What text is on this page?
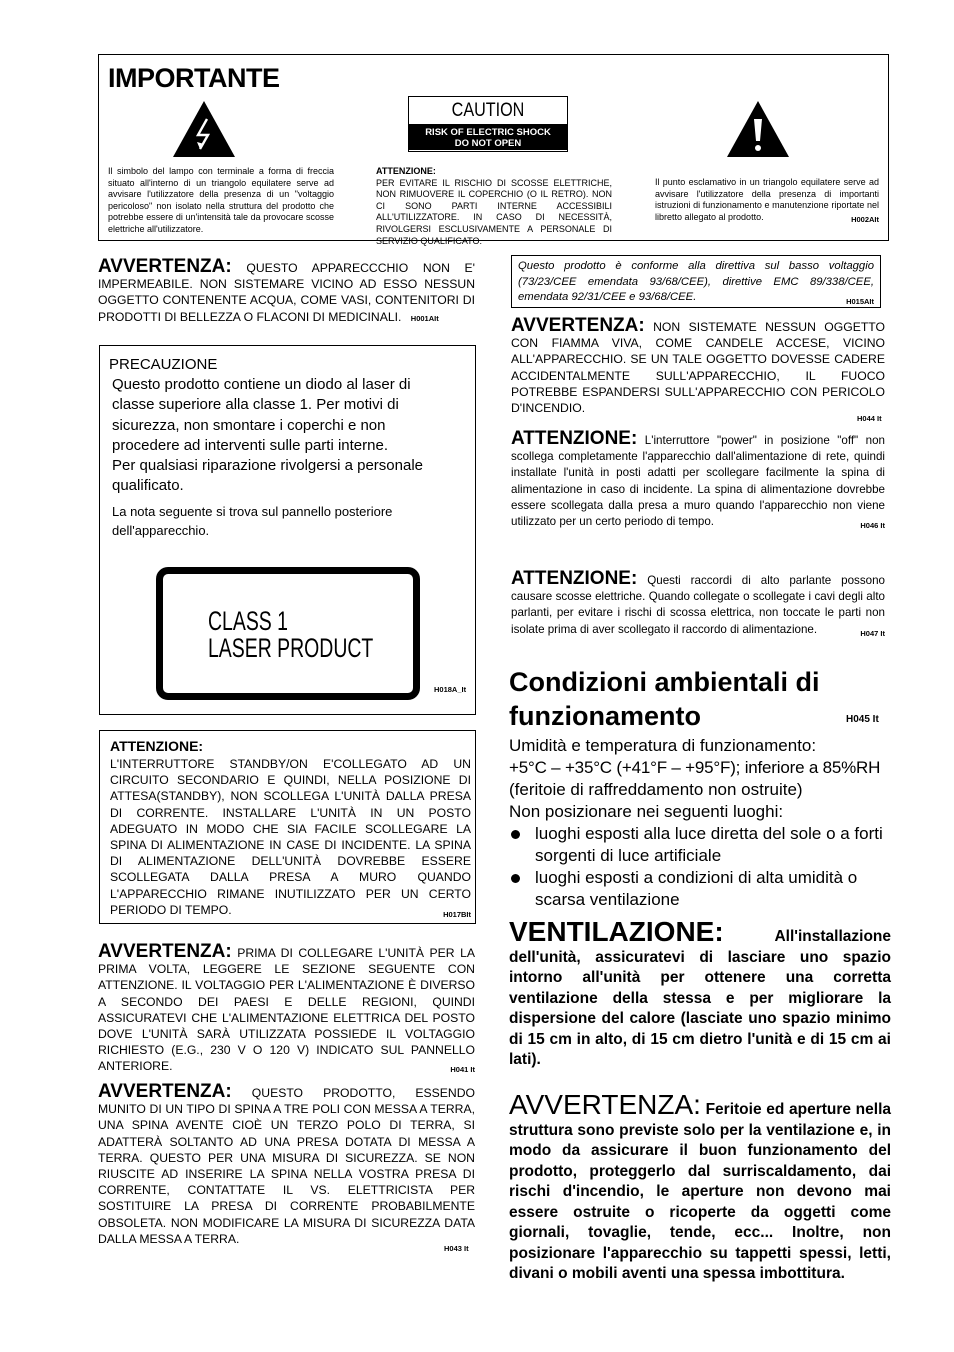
IMPORTANTE
CAUTION
RISK OF ELECTRIC SHOCK
DO NOT OPEN
Il simbolo del lampo con terminale a forma di freccia situato all'interno di un triangolo equilatere serve ad avvisare l'utilizzatore della presenza di un "voltaggio pericoloso" non isolato nella struttura del prodotto che potrebbe essere di un'intensità tale da provocare scosse elettriche all'utilizzatore.
ATTENZIONE:
PER EVITARE IL RISCHIO DI SCOSSE ELETTRICHE, NON RIMUOVERE IL COPERCHIO (O IL RETRO). NON CI SONO PARTI INTERNE ACCESSIBILI ALL'UTILIZZATORE. IN CASO DI NECESSITÀ, RIVOLGERSI ESCLUSIVAMENTE A PERSONALE DI SERVIZIO QUALIFICATO.
Il punto esclamativo in un triangolo equilatere serve ad avvisare l'utilizzatore della presenza di importanti istruzioni di funzionamento e manutenzione riportate nel libretto allegato al prodotto.	H002AIt
AVVERTENZA: QUESTO APPARECCCHIO NON E' IMPERMEABILE. NON SISTEMARE VICINO AD ESSO NESSUN OGGETTO CONTENENTE ACQUA, COME VASI, CONTENITORI DI PRODOTTI DI BELLEZZA O FLACONI DI MEDICINALI. H001AIt
PRECAUZIONE
Questo prodotto contiene un diodo al laser di classe superiore alla classe 1. Per motivi di sicurezza, non smontare i coperchi e non procedere ad interventi sulle parti interne.
Per qualsiasi riparazione rivolgersi a personale qualificato.
La nota seguente si trova sul pannello posteriore dell'apparecchio.
CLASS 1
LASER PRODUCT
H018A_It
ATTENZIONE:
L'INTERRUTTORE STANDBY/ON E'COLLEGATO AD UN CIRCUITO SECONDARIO E QUINDI, NELLA POSIZIONE DI ATTESA(STANDBY), NON SCOLLEGA L'UNITÀ DALLA PRESA DI CORRENTE. INSTALLARE L'UNITÀ IN UN POSTO ADEGUATO IN MODO CHE SIA FACILE SCOLLEGARE LA SPINA DI ALIMENTAZIONE IN CASE DI INCIDENTE. LA SPINA DI ALIMENTAZIONE DELL'UNITÀ DOVREBBE ESSERE SCOLLEGATA DALLA PRESA A MURO QUANDO L'APPARECCHIO RIMANE INUTILIZZATO PER UN CERTO PERIODO DI TEMPO.	H017BIt
AVVERTENZA: PRIMA DI COLLEGARE L'UNITÀ PER LA PRIMA VOLTA, LEGGERE LE SEZIONE SEGUENTE CON ATTENZIONE. IL VOLTAGGIO PER L'ALIMENTAZIONE È DIVERSO A SECONDO DEI PAESI E DELLE REGIONI, QUINDI ASSICURATEVI CHE L'ALIMENTAZIONE ELETTRICA DEL POSTO DOVE L'UNITÀ SARÀ UTILIZZATA POSSIEDE IL VOLTAGGIO RICHIESTO (E.G., 230 V O 120 V) INDICATO SUL PANNELLO ANTERIORE.	H041 It
AVVERTENZA: QUESTO PRODOTTO, ESSENDO MUNITO DI UN TIPO DI SPINA A TRE POLI CON MESSA A TERRA, UNA SPINA AVENTE CIOÈ UN TERZO POLO DI TERRA, SI ADATTERÀ SOLTANTO AD UNA PRESA DOTATA DI MESSA A TERRA. QUESTO PER UNA MISURA DI SICUREZZA. SE NON RIUSCITE AD INSERIRE LA SPINA NELLA VOSTRA PRESA DI CORRENTE, CONTATTATE IL VS. ELETTRICISTA PER SOSTITUIRE LA PRESA DI CORRENTE PROBABILMENTE OBSOLETA. NON MODIFICARE LA MISURA DI SICUREZZA DATA DALLA MESSA A TERRA.
H043 It
Questo prodotto è conforme alla direttiva sul basso voltaggio (73/23/CEE emendata 93/68/CEE), direttive EMC 89/338/CEE, emendata 92/31/CEE e 93/68/CEE.	H015AIt
AVVERTENZA: NON SISTEMATE NESSUN OGGETTO CON FIAMMA VIVA, COME CANDELE ACCESE, VICINO ALL'APPARECCHIO. SE UN TALE OGGETTO DOVESSE CADERE ACCIDENTALMENTE SULL'APPARECCHIO, IL FUOCO POTREBBE ESPANDERSI SULL'APPARECCHIO CON PERICOLO D'INCENDIO.
H044 It
ATTENZIONE: L'interruttore "power" in posizione "off" non scollega completamente l'apparecchio dall'alimentazione di rete, quindi installate l'unità in posti adatti per scollegare facilmente la spina di alimentazione in caso di incidente. La spina di alimentazione dovrebbe essere scollegata dalla presa a muro quando l'apparecchio non viene utilizzato per un certo periodo di tempo.	H046 It
ATTENZIONE: Questi raccordi di alto parlante possono causare scosse elettriche. Quando collegate o scollegate i cavi degli alto parlanti, per evitare i rischi di scossa elettrica, non toccate le parti non isolate prima di aver scollegato il raccordo di alimentazione.	H047 It
Condizioni ambientali di
funzionamento	H045 It
Umidità e temperatura di funzionamento:
+5°C – +35°C (+41°F – +95°F); inferiore a 85%RH
(feritoie di raffreddamento non ostruite)
Non posizionare nei seguenti luoghi:
luoghi esposti alla luce diretta del sole o a forti sorgenti di luce artificiale
luoghi esposti a condizioni di alta umidità o scarsa ventilazione
VENTILAZIONE:	All'installazione dell'unità, assicuratevi di lasciare uno spazio intorno all'unità per ottenere una corretta ventilazione della stessa e per migliorare la dispersione del calore (lasciate uno spazio minimo di 15 cm in alto, di 15 cm dietro l'unità e di 15 cm ai lati).
AVVERTENZA: Feritoie ed aperture nella struttura sono previste solo per la ventilazione e, in modo da assicurare il buon funzionamento del prodotto, proteggerlo dal surriscaldamento, dai rischi d'incendio, le aperture non devono mai essere ostruite o ricoperte da oggetti come giornali, tovaglie, tende, ecc... Inoltre, non posizionare l'apparecchio su tappetti spessi, letti, divani o mobili aventi una spessa imbottitura.
